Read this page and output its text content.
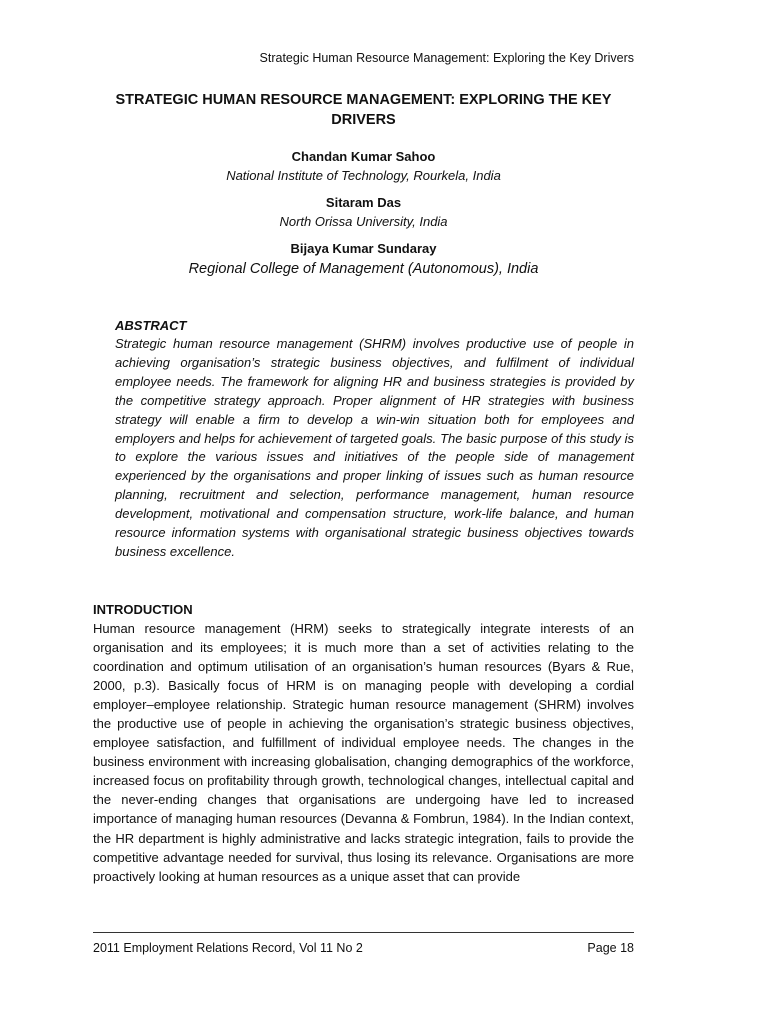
Strategic Human Resource Management: Exploring the Key Drivers
STRATEGIC HUMAN RESOURCE MANAGEMENT: EXPLORING THE KEY
DRIVERS
Chandan Kumar Sahoo
National Institute of Technology, Rourkela, India
Sitaram Das
North Orissa University, India
Bijaya Kumar Sundaray
Regional College of Management (Autonomous), India
ABSTRACT

Strategic human resource management (SHRM) involves productive use of people in achieving organisation’s strategic business objectives, and fulfilment of individual employee needs. The framework for aligning HR and business strategies is provided by the competitive strategy approach. Proper alignment of HR strategies with business strategy will enable a firm to develop a win-win situation both for employees and employers and helps for achievement of targeted goals. The basic purpose of this study is to explore the various issues and initiatives of the people side of management experienced by the organisations and proper linking of issues such as human resource planning, recruitment and selection, performance management, human resource development, motivational and compensation structure, work-life balance, and human resource information systems with organisational strategic business objectives towards business excellence.

INTRODUCTION

Human resource management (HRM) seeks to strategically integrate interests of an organisation and its employees; it is much more than a set of activities relating to the coordination and optimum utilisation of an organisation’s human resources (Byars & Rue, 2000, p.3). Basically focus of HRM is on managing people with developing a cordial employer–employee relationship. Strategic human resource management (SHRM) involves the productive use of people in achieving the organisation’s strategic business objectives, employee satisfaction, and fulfillment of individual employee needs. The changes in the business environment with increasing globalisation, changing demographics of the workforce, increased focus on profitability through growth, technological changes, intellectual capital and the never-ending changes that organisations are undergoing have led to increased importance of managing human resources (Devanna & Fombrun, 1984). In the Indian context, the HR department is highly administrative and lacks strategic integration, fails to provide the competitive advantage needed for survival, thus losing its relevance. Organisations are more proactively looking at human resources as a unique asset that can provide

2011 Employment Relations Record, Vol 11 No 2	Page 18
